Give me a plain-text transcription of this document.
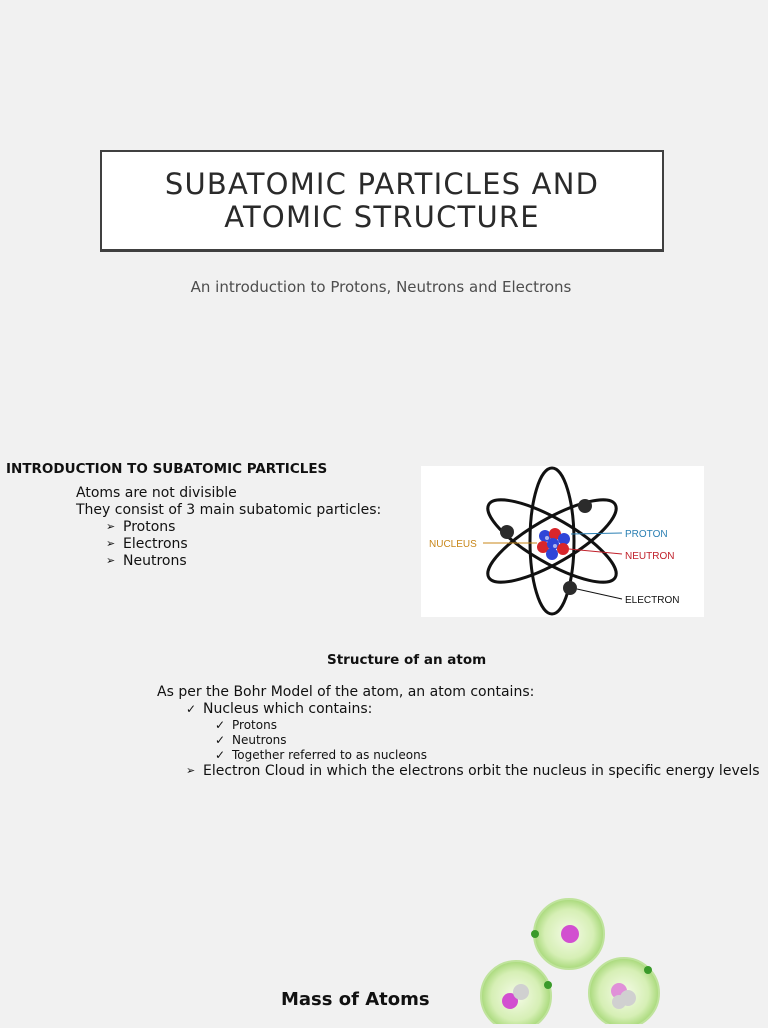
SUBATOMIC PARTICLES AND
ATOMIC STRUCTURE
An introduction to Protons, Neutrons and Electrons
INTRODUCTION TO SUBATOMIC PARTICLES
Atoms are not divisible
They consist of 3 main subatomic particles:
➢ Protons
➢ Electrons
➢ Neutrons
NUCLEUS
PROTON
NEUTRON
ELECTRON
Structure of an atom
As per the Bohr Model of the atom, an atom contains:
✓ Nucleus which contains:
✓ Protons
✓ Neutrons
✓ Together referred to as nucleons
➢ Electron Cloud in which the electrons orbit the nucleus in specific energy levels
Mass of Atoms
